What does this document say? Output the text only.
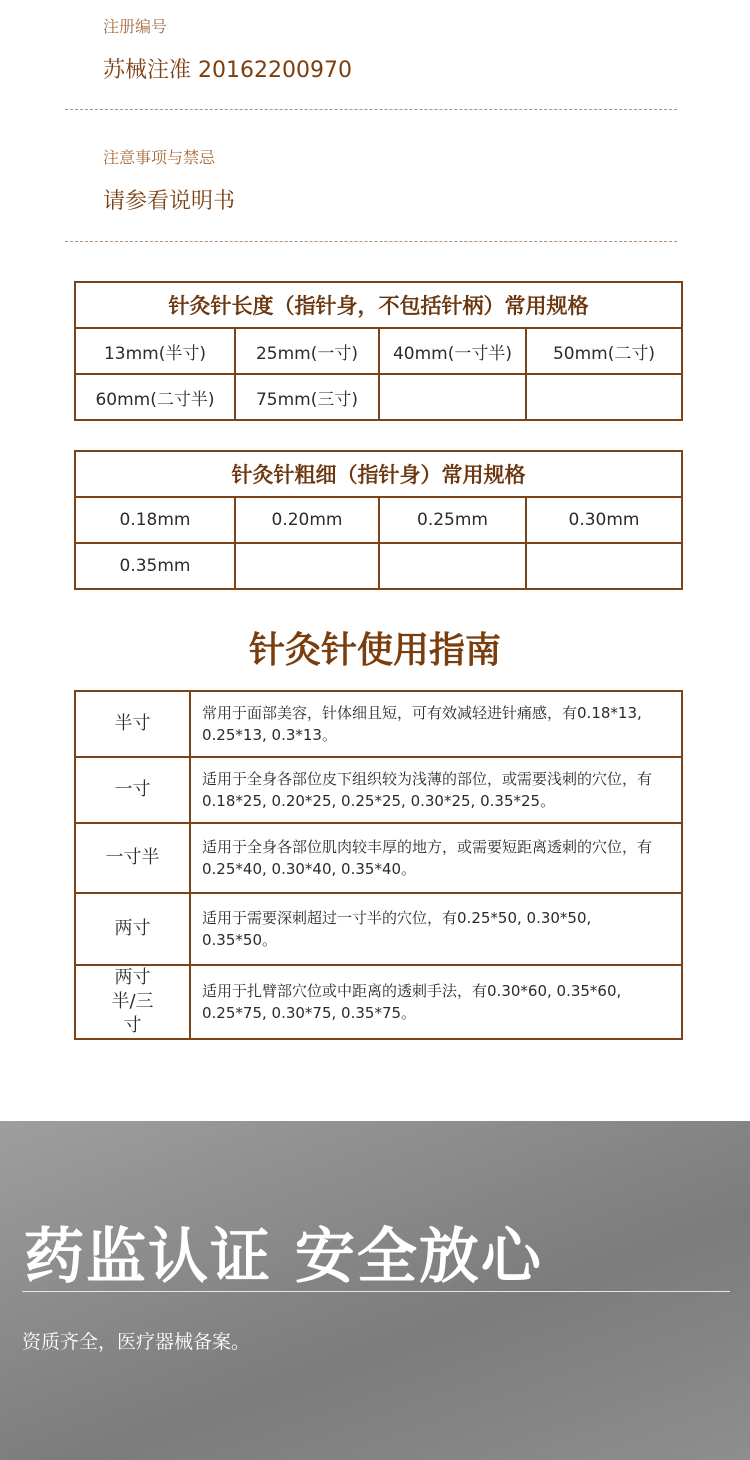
注册编号
苏械注准 20162200970
注意事项与禁忌
请参看说明书
针灸针长度（指针身，不包括针柄）常用规格			
13mm(半寸)	25mm(一寸)	40mm(一寸半)	50mm(二寸)
60mm(二寸半)	75mm(三寸)		
针灸针粗细（指针身）常用规格			
0.18mm	0.20mm	0.25mm	0.30mm
0.35mm			
针灸针使用指南
半寸	常用于面部美容，针体细且短，可有效减轻进针痛感，有0.18*13, 0.25*13, 0.3*13。
一寸	适用于全身各部位皮下组织较为浅薄的部位，或需要浅刺的穴位，有0.18*25, 0.20*25, 0.25*25, 0.30*25, 0.35*25。
一寸半	适用于全身各部位肌肉较丰厚的地方，或需要短距离透刺的穴位，有0.25*40, 0.30*40, 0.35*40。
两寸	适用于需要深刺超过一寸半的穴位，有0.25*50, 0.30*50, 0.35*50。
两寸半/三寸	适用于扎臂部穴位或中距离的透刺手法，有0.30*60, 0.35*60, 0.25*75, 0.30*75, 0.35*75。
药监认证 安全放心
资质齐全，医疗器械备案。
